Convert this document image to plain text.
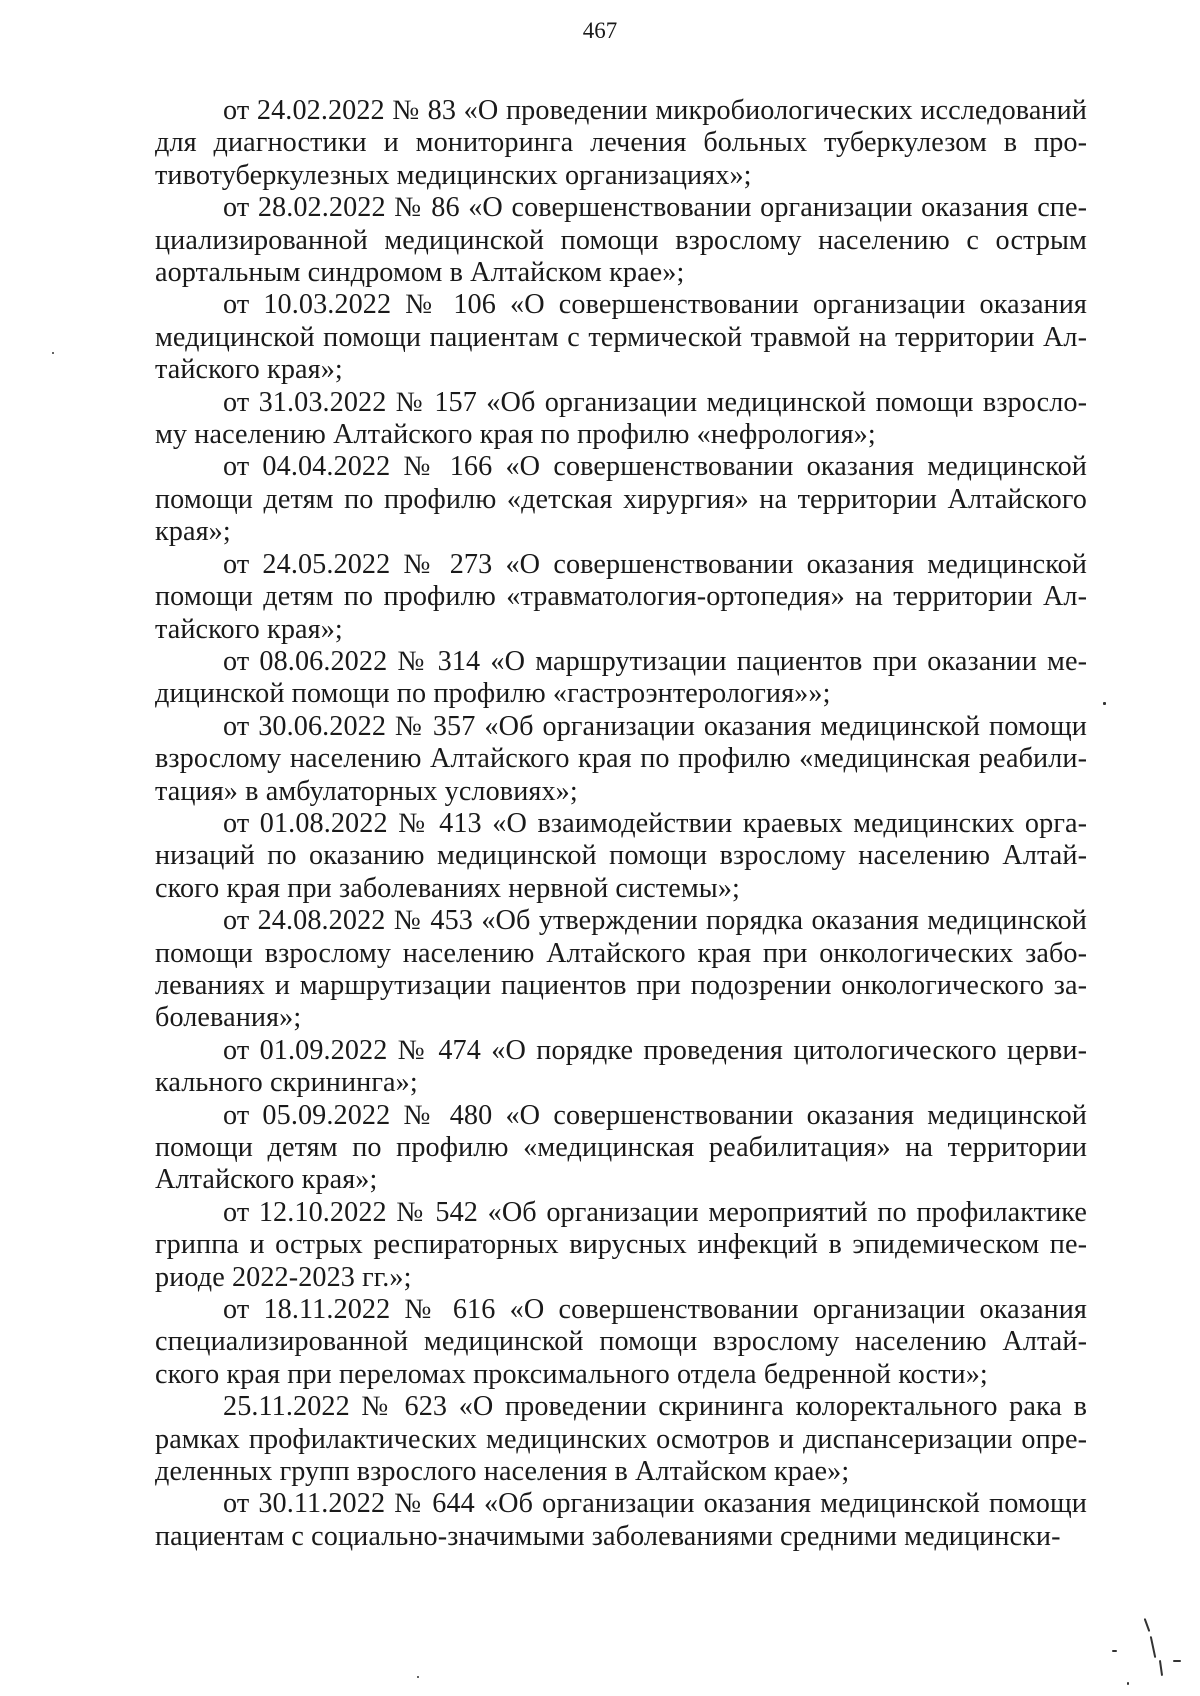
467

от 24.02.2022 № 83 «О проведении микробиологических исследований для диагностики и мониторинга лечения больных туберкулезом в противотуберкулезных медицинских организациях»;

от 28.02.2022 № 86 «О совершенствовании организации оказания специализированной медицинской помощи взрослому населению с острым аортальным синдромом в Алтайском крае»;

от 10.03.2022 № 106 «О совершенствовании организации оказания медицинской помощи пациентам с термической травмой на территории Алтайского края»;

от 31.03.2022 № 157 «Об организации медицинской помощи взрослому населению Алтайского края по профилю «нефрология»;

от 04.04.2022 № 166 «О совершенствовании оказания медицинской помощи детям по профилю «детская хирургия» на территории Алтайского края»;

от 24.05.2022 № 273 «О совершенствовании оказания медицинской помощи детям по профилю «травматология-ортопедия» на территории Алтайского края»;

от 08.06.2022 № 314 «О маршрутизации пациентов при оказании медицинской помощи по профилю «гастроэнтерология»»;

от 30.06.2022 № 357 «Об организации оказания медицинской помощи взрослому населению Алтайского края по профилю «медицинская реабилитация» в амбулаторных условиях»;

от 01.08.2022 № 413 «О взаимодействии краевых медицинских организаций по оказанию медицинской помощи взрослому населению Алтайского края при заболеваниях нервной системы»;

от 24.08.2022 № 453 «Об утверждении порядка оказания медицинской помощи взрослому населению Алтайского края при онкологических заболеваниях и маршрутизации пациентов при подозрении онкологического заболевания»;

от 01.09.2022 № 474 «О порядке проведения цитологического цервикального скрининга»;

от 05.09.2022 № 480 «О совершенствовании оказания медицинской помощи детям по профилю «медицинская реабилитация» на территории Алтайского края»;

от 12.10.2022 № 542 «Об организации мероприятий по профилактике гриппа и острых респираторных вирусных инфекций в эпидемическом периоде 2022-2023 гг.»;

от 18.11.2022 № 616 «О совершенствовании организации оказания специализированной медицинской помощи взрослому населению Алтайского края при переломах проксимального отдела бедренной кости»;

25.11.2022 № 623 «О проведении скрининга колоректального рака в рамках профилактических медицинских осмотров и диспансеризации определенных групп взрослого населения в Алтайском крае»;

от 30.11.2022 № 644 «Об организации оказания медицинской помощи пациентам с социально-значимыми заболеваниями средними медицински-
